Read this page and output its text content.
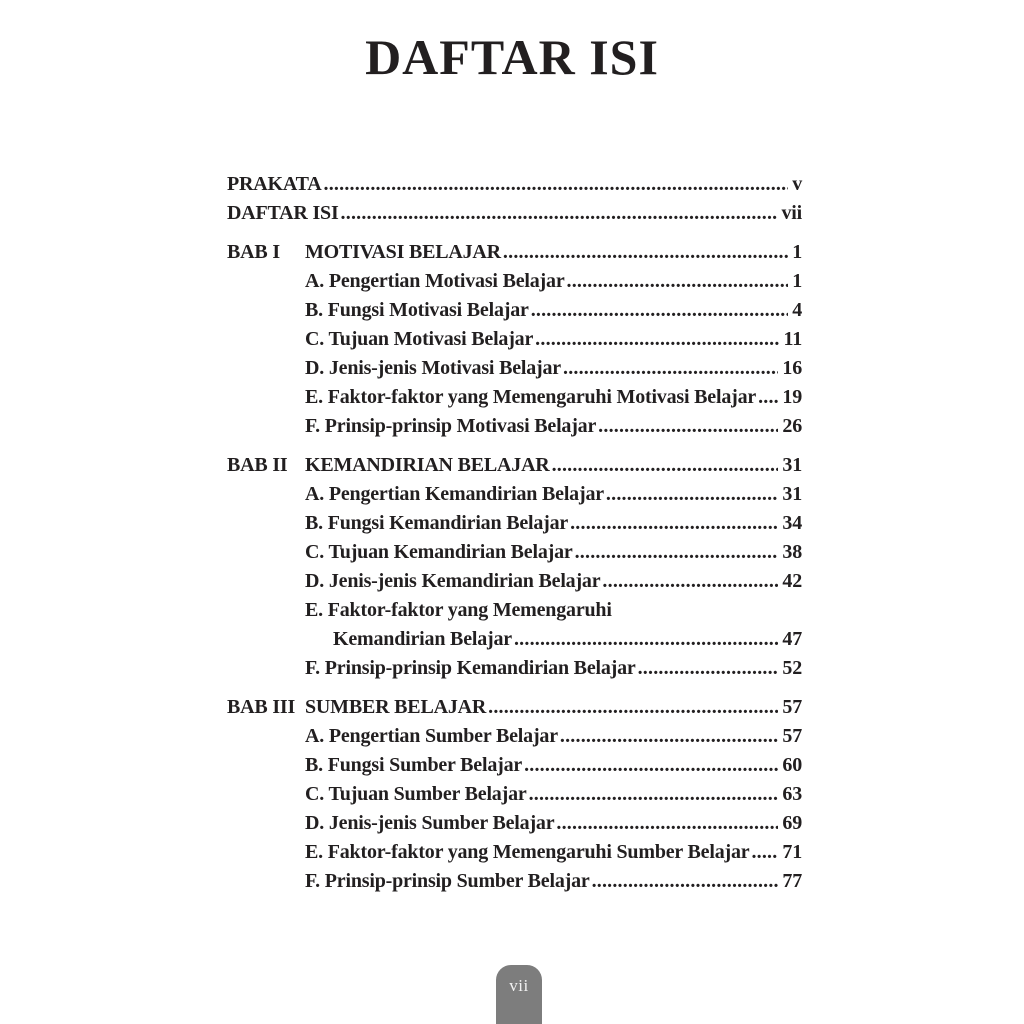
DAFTAR ISI
PRAKATA .....	v
DAFTAR ISI .....	vii
BAB I	MOTIVASI BELAJAR .....	1
A. Pengertian Motivasi Belajar .....	1
B. Fungsi Motivasi Belajar .....	4
C. Tujuan Motivasi Belajar .....	11
D. Jenis-jenis Motivasi Belajar .....	16
E. Faktor-faktor yang Memengaruhi Motivasi Belajar ..... 19
F. Prinsip-prinsip Motivasi Belajar .....	26
BAB II KEMANDIRIAN BELAJAR .....	31
A. Pengertian Kemandirian Belajar .....	31
B. Fungsi Kemandirian Belajar .....	34
C. Tujuan Kemandirian Belajar .....	38
D. Jenis-jenis Kemandirian Belajar .....	42
E. Faktor-faktor yang Memengaruhi
Kemandirian Belajar .....	47
F. Prinsip-prinsip Kemandirian Belajar .....	52
BAB III SUMBER BELAJAR .....	57
A. Pengertian Sumber Belajar .....	57
B. Fungsi Sumber Belajar .....	60
C. Tujuan Sumber Belajar .....	63
D. Jenis-jenis Sumber Belajar .....	69
E. Faktor-faktor yang Memengaruhi Sumber Belajar ..... 71
F. Prinsip-prinsip Sumber Belajar .....	77
vii
